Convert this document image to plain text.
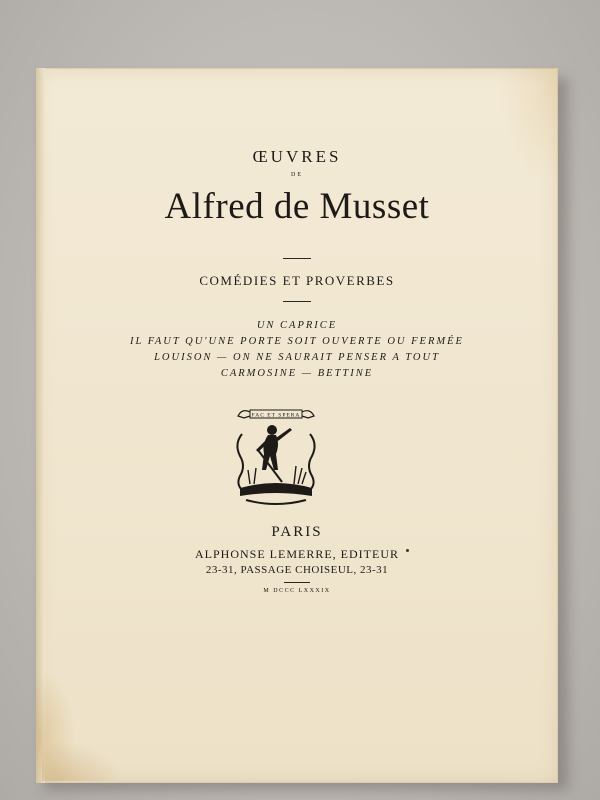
ŒUVRES
DE
Alfred de Musset
COMÉDIES ET PROVERBES
UN CAPRICE
IL FAUT QU'UNE PORTE SOIT OUVERTE OU FERMÉE
LOUISON — ON NE SAURAIT PENSER A TOUT
CARMOSINE — BETTINE
FAC ET SPERA
PARIS
ALPHONSE LEMERRE, EDITEUR
23-31, PASSAGE CHOISEUL, 23-31
M DCCC LXXXIX
